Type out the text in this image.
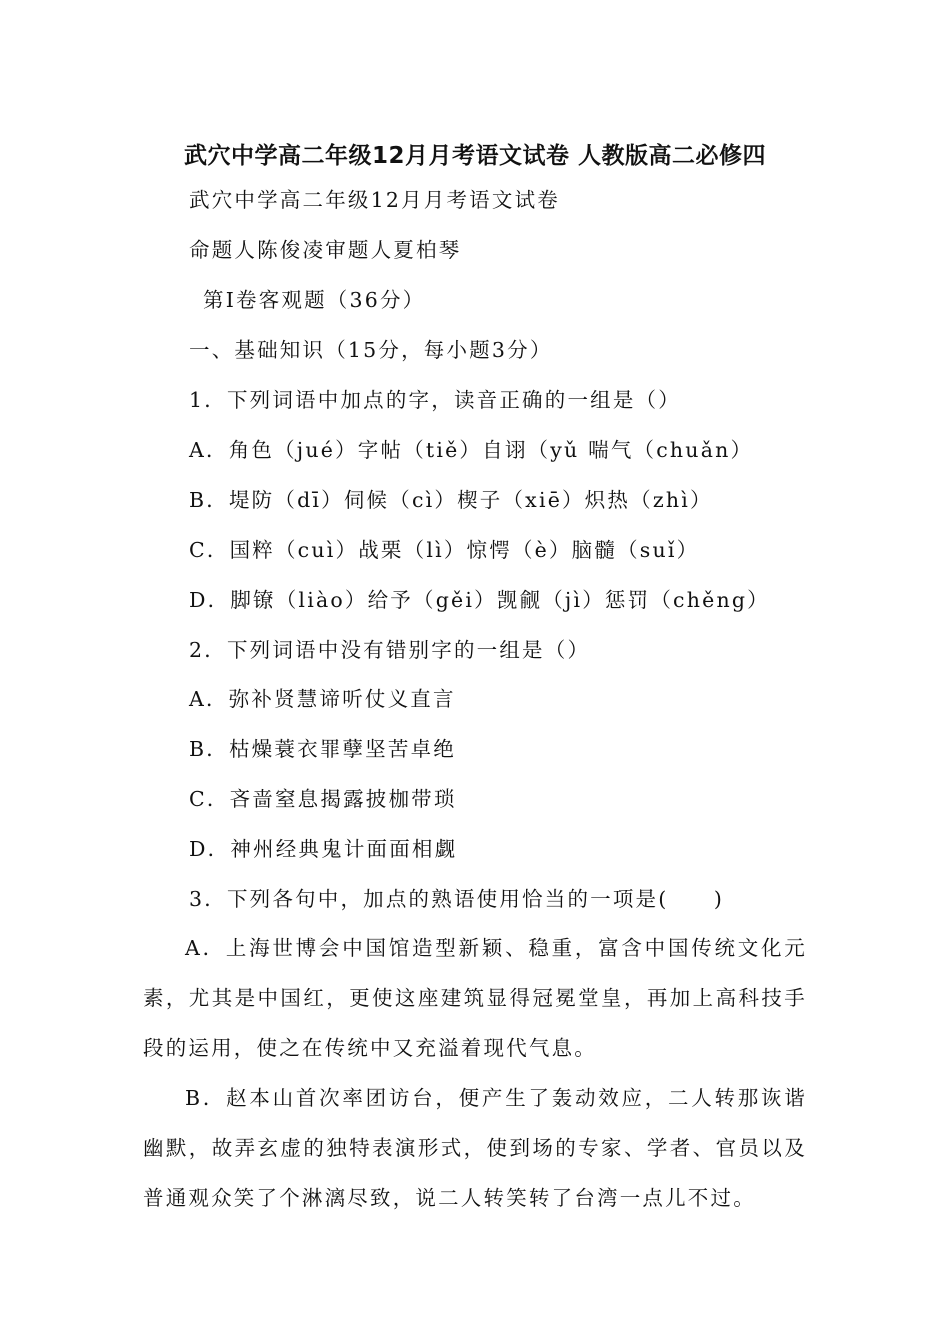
武穴中学高二年级12月月考语文试卷 人教版高二必修四

武穴中学高二年级12月月考语文试卷

命题人陈俊凌审题人夏柏琴

第Ⅰ卷客观题（36分）

一、基础知识（15分，每小题3分）

1．下列词语中加点的字，读音正确的一组是（）

A．角色（jué）字帖（tiě）自诩（yǔ 喘气（chuǎn）

B．堤防（dī）伺候（cì）楔子（xiē）炽热（zhì）

C．国粹（cuì）战栗（lì）惊愕（è）脑髓（suǐ）

D．脚镣（liào）给予（gěi）觊觎（jì）惩罚（chěng）

2．下列词语中没有错别字的一组是（）

A．弥补贤慧谛听仗义直言

B．枯燥蓑衣罪孽坚苦卓绝

C．吝啬窒息揭露披枷带琐

D．神州经典鬼计面面相觑

3．下列各句中，加点的熟语使用恰当的一项是(　　)

A．上海世博会中国馆造型新颖、稳重，富含中国传统文化元素，尤其是中国红，更使这座建筑显得冠冕堂皇，再加上高科技手段的运用，使之在传统中又充溢着现代气息。

B．赵本山首次率团访台，便产生了轰动效应，二人转那诙谐幽默，故弄玄虚的独特表演形式，使到场的专家、学者、官员以及普通观众笑了个淋漓尽致，说二人转笑转了台湾一点儿不过。
